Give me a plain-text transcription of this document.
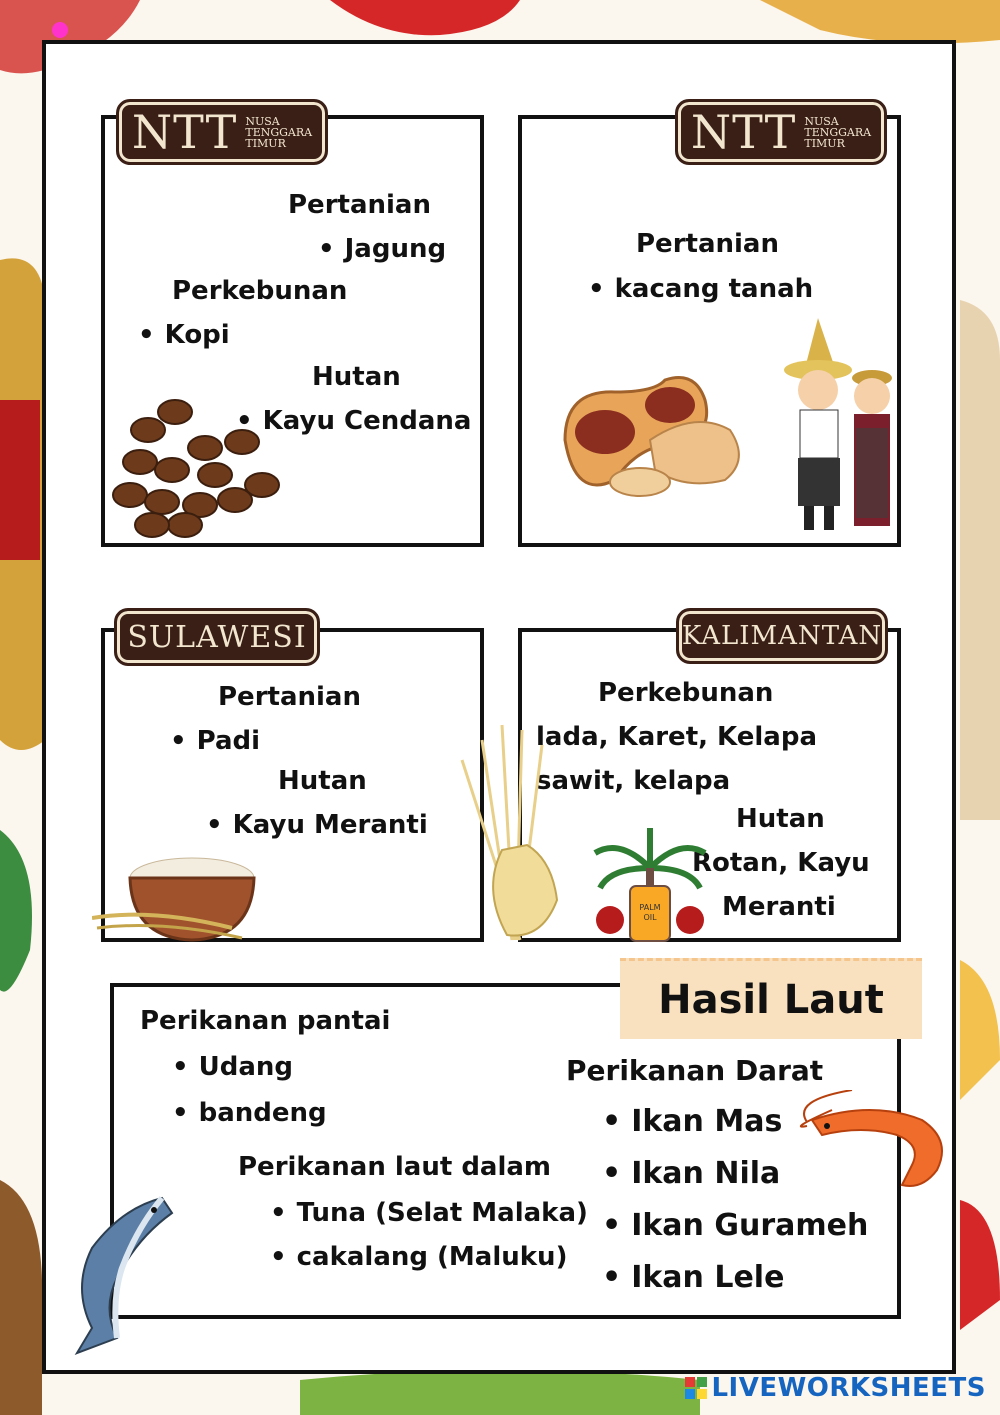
NTT NUSA
TENGGARA
TIMUR
Pertanian
• Jagung
Perkebunan
• Kopi
Hutan
• Kayu Cendana
NTT NUSA
TENGGARA
TIMUR
Pertanian
• kacang tanah
SULAWESI
Pertanian
• Padi
Hutan
• Kayu Meranti
KALIMANTAN
Perkebunan
lada, Karet, Kelapa
sawit, kelapa
Hutan
Rotan, Kayu
Meranti
PALM
OIL
Hasil Laut
Perikanan pantai
• Udang
• bandeng
Perikanan laut dalam
• Tuna (Selat Malaka)
• cakalang (Maluku)
Perikanan Darat
• Ikan Mas
• Ikan Nila
• Ikan Gurameh
• Ikan Lele
LIVEWORKSHEETS
